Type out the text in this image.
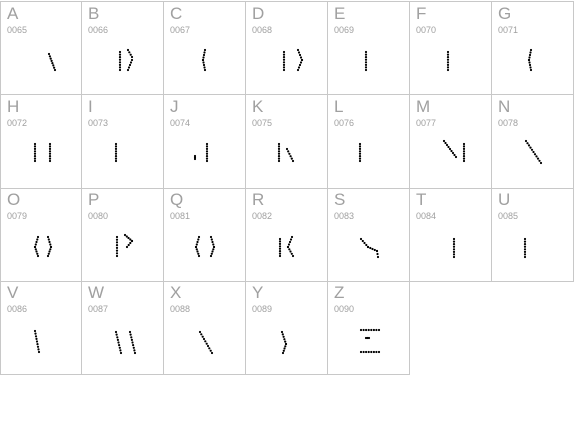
A
0065
B
0066
C
0067
D
0068
E
0069
F
0070
G
0071
H
0072
I
0073
J
0074
K
0075
L
0076
M
0077
N
0078
O
0079
P
0080
Q
0081
R
0082
S
0083
T
0084
U
0085
V
0086
W
0087
X
0088
Y
0089
Z
0090
